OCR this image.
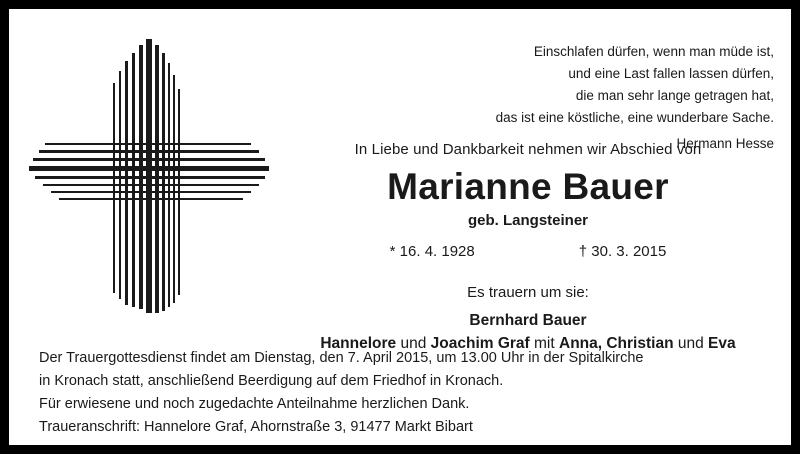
Einschlafen dürfen, wenn man müde ist,
und eine Last fallen lassen dürfen,
die man sehr lange getragen hat,
das ist eine köstliche, eine wunderbare Sache.
Hermann Hesse
In Liebe und Dankbarkeit nehmen wir Abschied von
Marianne Bauer
geb. Langsteiner
* 16. 4. 1928	† 30. 3. 2015
Es trauern um sie:
Bernhard Bauer
Hannelore und Joachim Graf mit Anna, Christian und Eva
Der Trauergottesdienst findet am Dienstag, den 7. April 2015, um 13.00 Uhr in der Spitalkirche
in Kronach statt, anschließend Beerdigung auf dem Friedhof in Kronach.
Für erwiesene und noch zugedachte Anteilnahme herzlichen Dank.
Traueranschrift: Hannelore Graf, Ahornstraße 3, 91477 Markt Bibart
